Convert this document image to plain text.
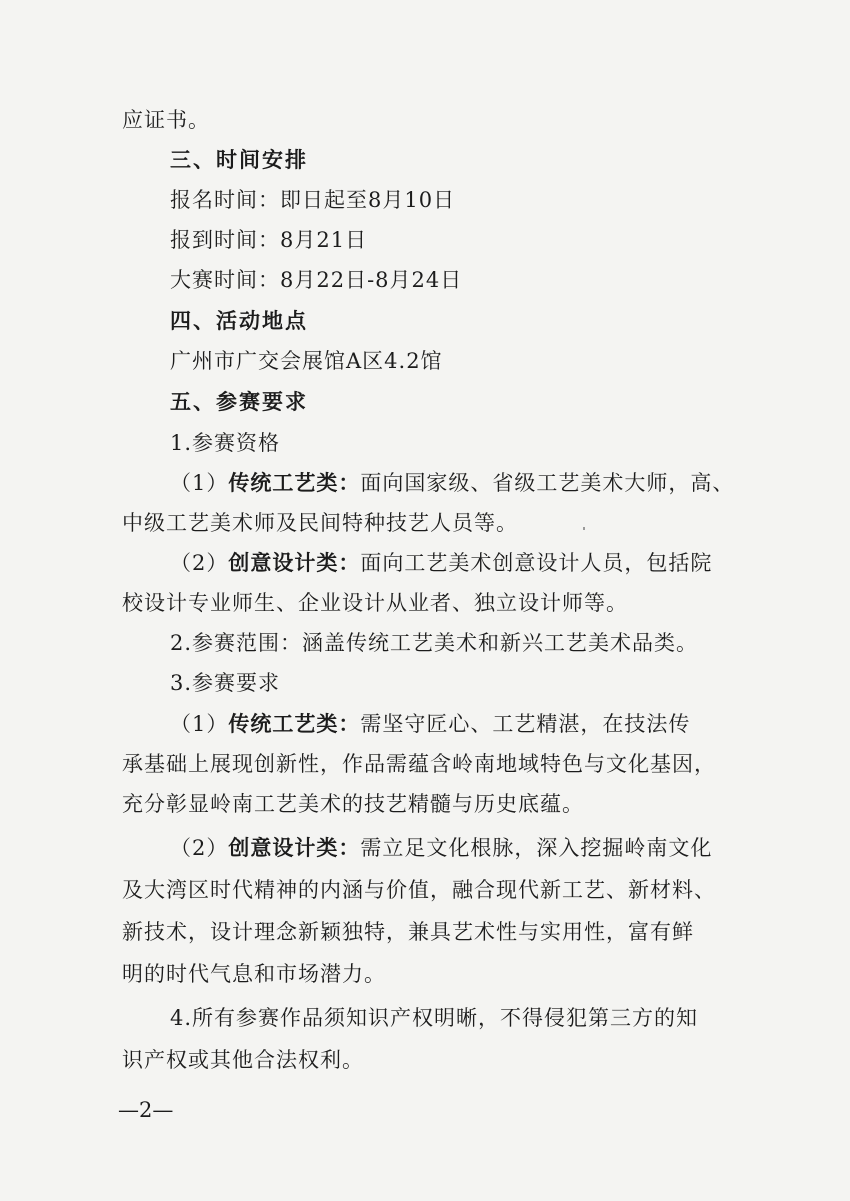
应证书。
三、时间安排
报名时间：即日起至8月10日
报到时间：8月21日
大赛时间：8月22日-8月24日
四、活动地点
广州市广交会展馆A区4.2馆
五、参赛要求
1.参赛资格
（1）传统工艺类：面向国家级、省级工艺美术大师，高、
中级工艺美术师及民间特种技艺人员等。
（2）创意设计类：面向工艺美术创意设计人员，包括院
校设计专业师生、企业设计从业者、独立设计师等。
2.参赛范围：涵盖传统工艺美术和新兴工艺美术品类。
3.参赛要求
（1）传统工艺类：需坚守匠心、工艺精湛，在技法传
承基础上展现创新性，作品需蕴含岭南地域特色与文化基因，
充分彰显岭南工艺美术的技艺精髓与历史底蕴。
（2）创意设计类：需立足文化根脉，深入挖掘岭南文化
及大湾区时代精神的内涵与价值，融合现代新工艺、新材料、
新技术，设计理念新颖独特，兼具艺术性与实用性，富有鲜
明的时代气息和市场潜力。
4.所有参赛作品须知识产权明晰，不得侵犯第三方的知
识产权或其他合法权利。
—2—
